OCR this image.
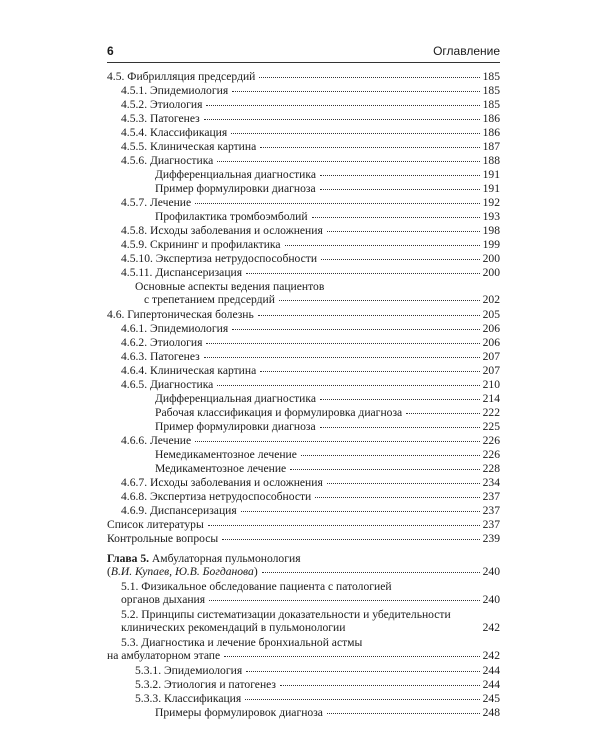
6	Оглавление
4.5. Фибрилляция предсердий	185
4.5.1. Эпидемиология	185
4.5.2. Этиология	185
4.5.3. Патогенез	186
4.5.4. Классификация	186
4.5.5. Клиническая картина	187
4.5.6. Диагностика	188
Дифференциальная диагностика	191
Пример формулировки диагноза	191
4.5.7. Лечение	192
Профилактика тромбоэмболий	193
4.5.8. Исходы заболевания и осложнения	198
4.5.9. Скрининг и профилактика	199
4.5.10. Экспертиза нетрудоспособности	200
4.5.11. Диспансеризация	200
Основные аспекты ведения пациентов
с трепетанием предсердий	202
4.6. Гипертоническая болезнь	205
4.6.1. Эпидемиология	206
4.6.2. Этиология	206
4.6.3. Патогенез	207
4.6.4. Клиническая картина	207
4.6.5. Диагностика	210
Дифференциальная диагностика	214
Рабочая классификация и формулировка диагноза	222
Пример формулировки диагноза	225
4.6.6. Лечение	226
Немедикаментозное лечение	226
Медикаментозное лечение	228
4.6.7. Исходы заболевания и осложнения	234
4.6.8. Экспертиза нетрудоспособности	237
4.6.9. Диспансеризация	237
Список литературы	237
Контрольные вопросы	239
Глава 5. Амбулаторная пульмонология
(В.И. Купаев, Ю.В. Богданова)	240
5.1. Физикальное обследование пациента с патологией
органов дыхания	240
5.2. Принципы систематизации доказательности и убедительности
клинических рекомендаций в пульмонологии	242
5.3. Диагностика и лечение бронхиальной астмы
на амбулаторном этапе	242
5.3.1. Эпидемиология	244
5.3.2. Этиология и патогенез	244
5.3.3. Классификация	245
Примеры формулировок диагноза	248
